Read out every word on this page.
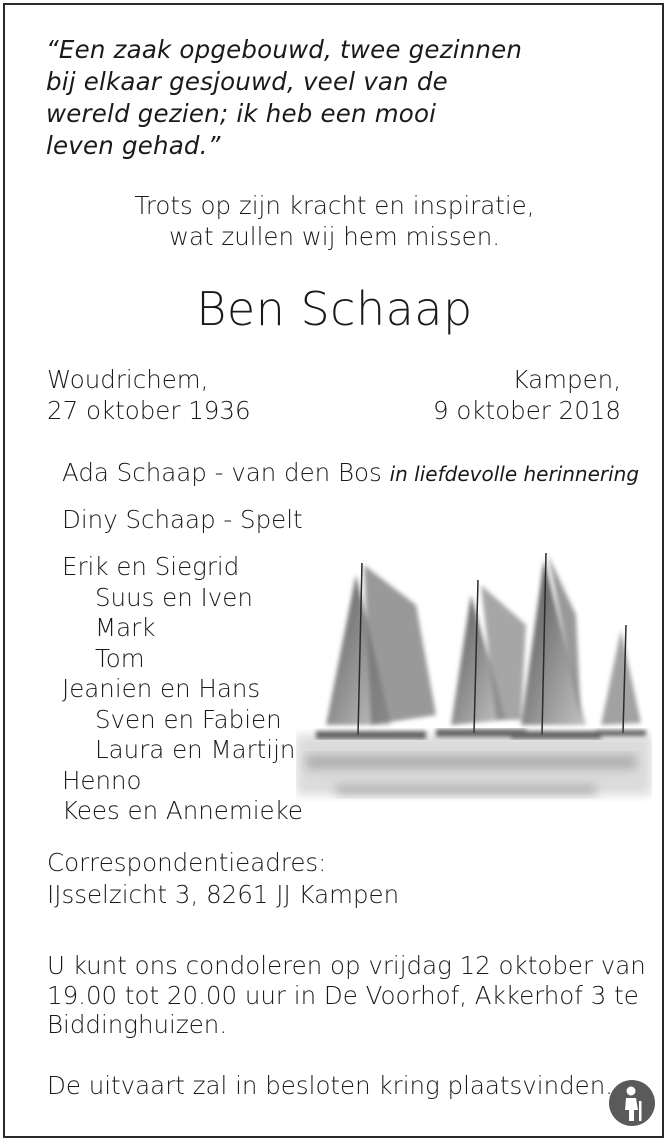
“Een zaak opgebouwd, twee gezinnen
bij elkaar gesjouwd, veel van de
wereld gezien; ik heb een mooi
leven gehad.”
Trots op zijn kracht en inspiratie,
wat zullen wij hem missen.
Ben Schaap
Woudrichem,
27 oktober 1936
Kampen,
9 oktober 2018
Ada Schaap - van den Bos in liefdevolle herinnering
Diny Schaap - Spelt
Erik en Siegrid
Suus en Iven
Mark
Tom
Jeanien en Hans
Sven en Fabien
Laura en Martijn
Henno
Kees en Annemieke
Correspondentieadres:
IJsselzicht 3, 8261 JJ Kampen
U kunt ons condoleren op vrijdag 12 oktober van
19.00 tot 20.00 uur in De Voorhof, Akkerhof 3 te
Biddinghuizen.
De uitvaart zal in besloten kring plaatsvinden.
